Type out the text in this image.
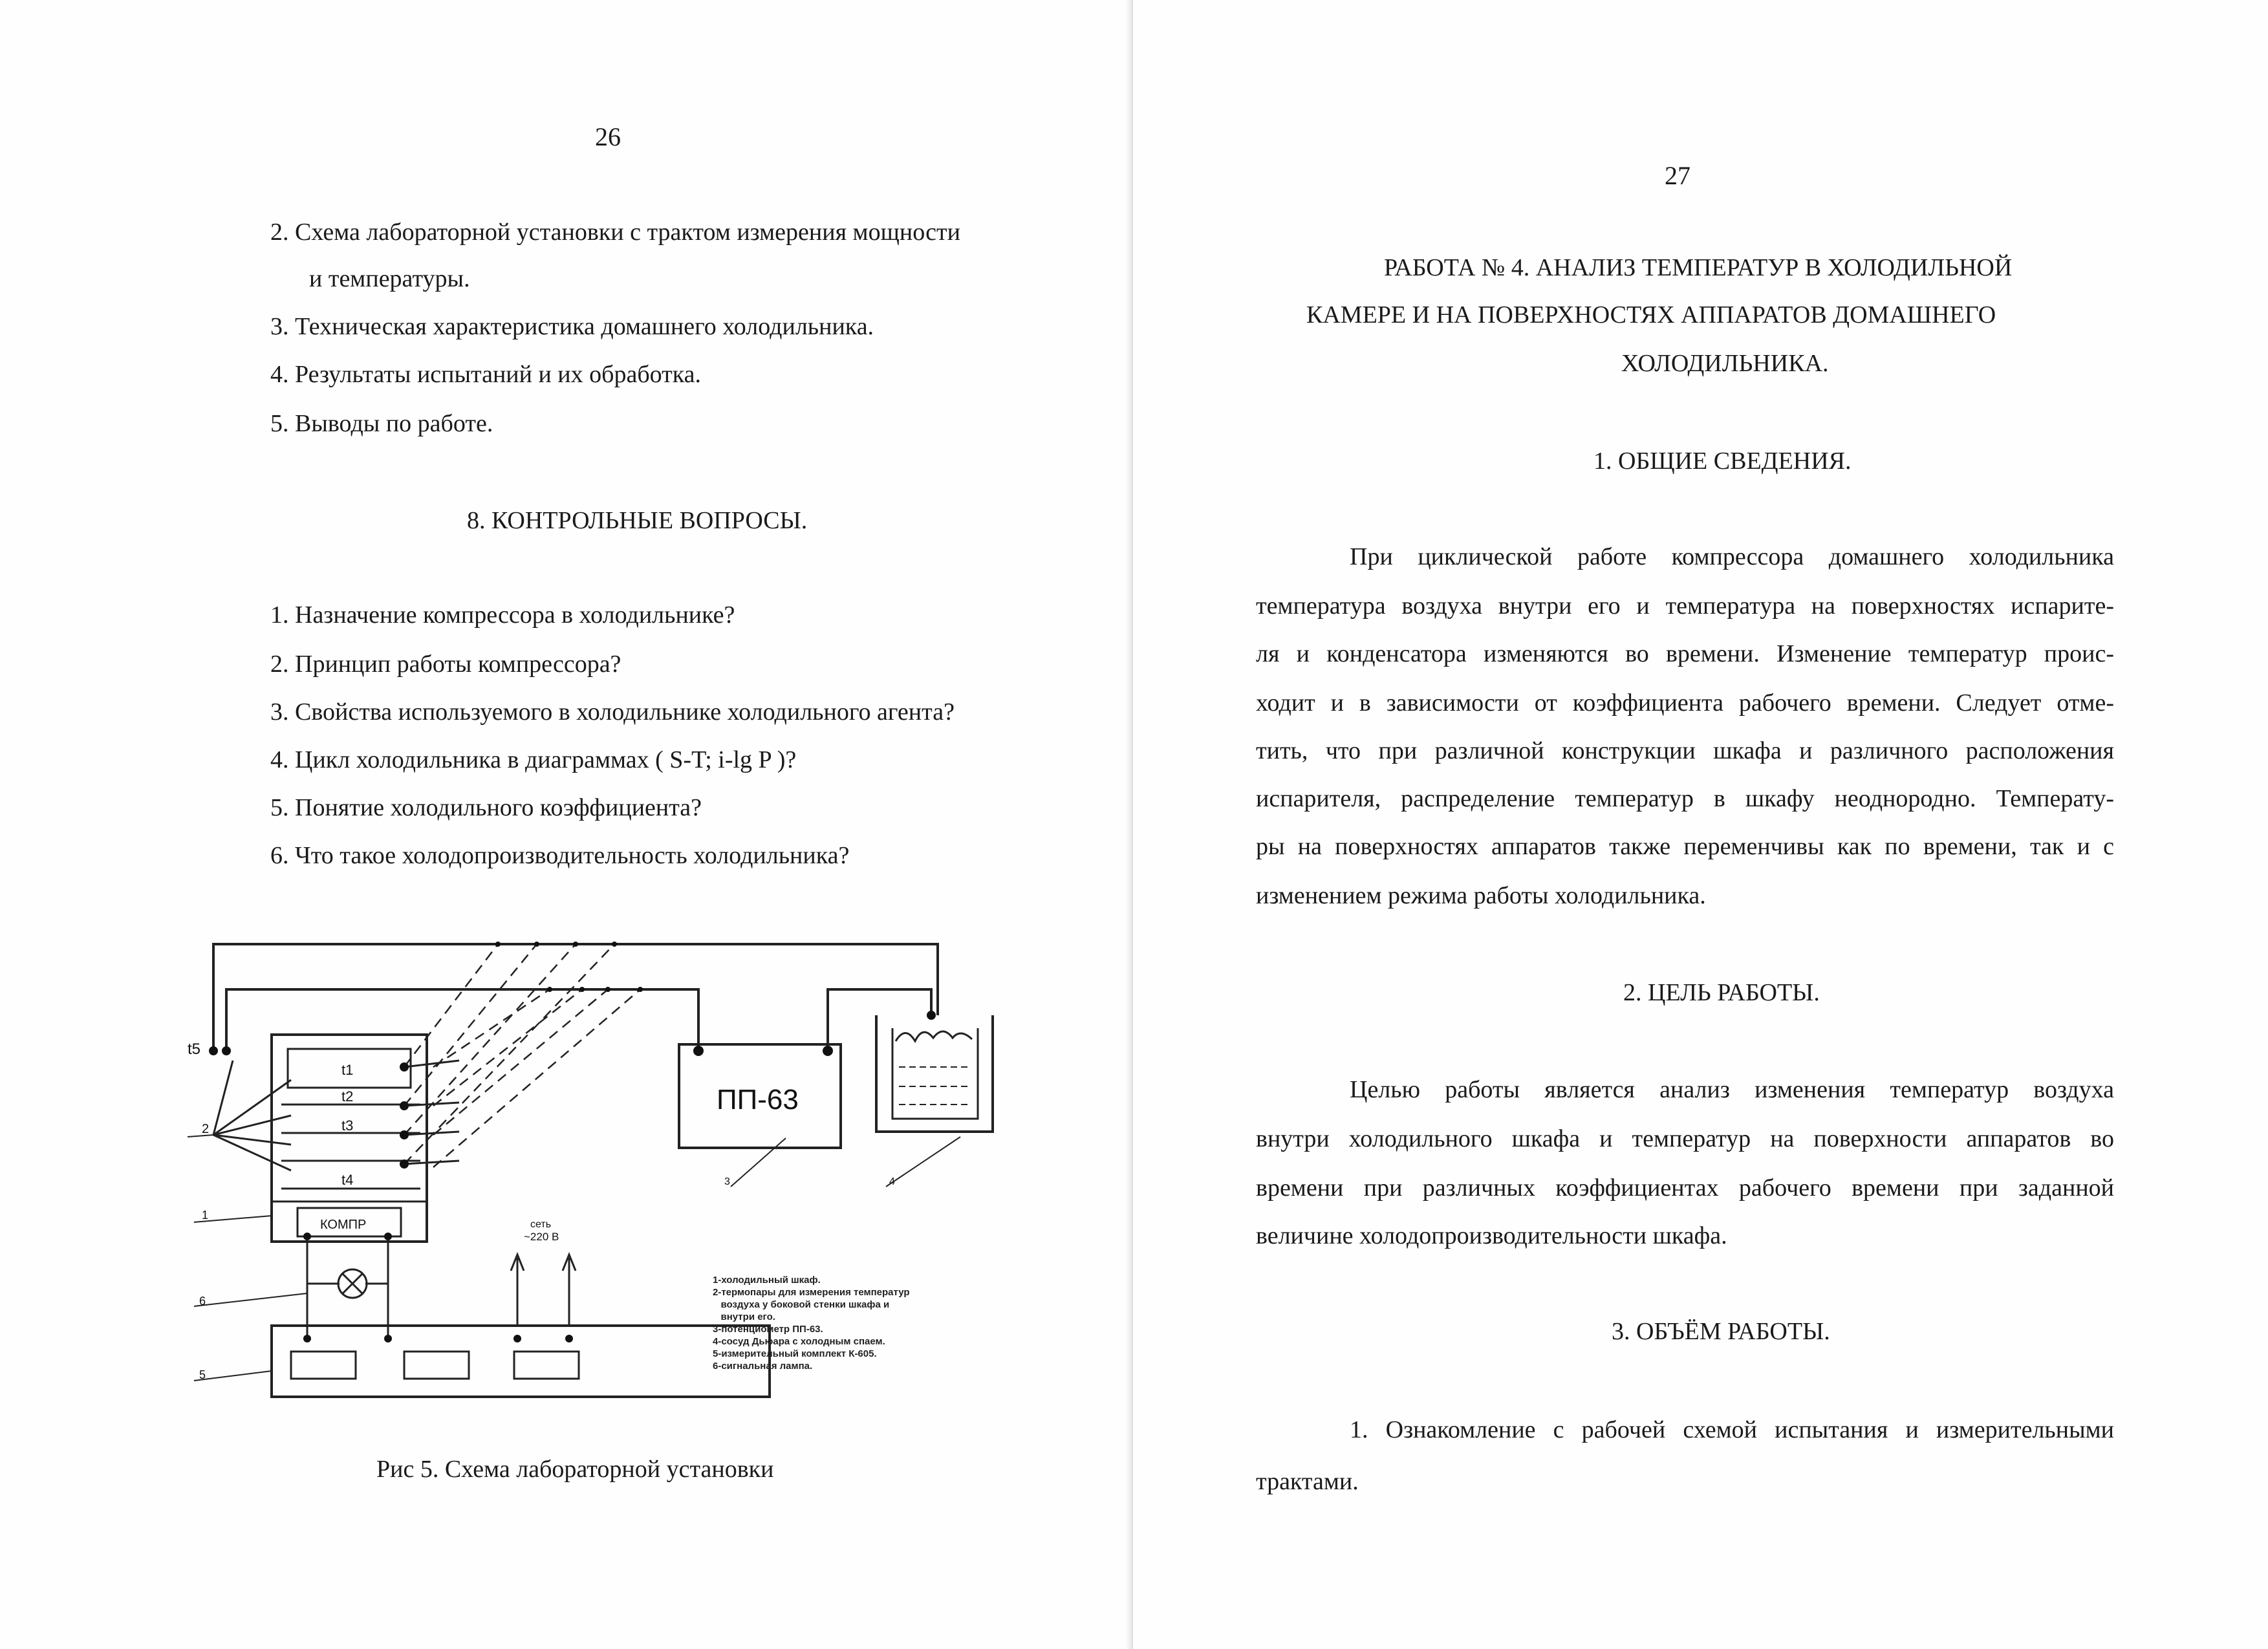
26
2. Схема лабораторной установки с трактом измерения мощности
и температуры.
3. Техническая характеристика домашнего холодильника.
4. Результаты испытаний и их обработка.
5. Выводы по работе.
8. КОНТРОЛЬНЫЕ ВОПРОСЫ.
1. Назначение компрессора в холодильнике?
2. Принцип работы компрессора?
3. Свойства используемого в холодильнике холодильного агента?
4. Цикл холодильника в диаграммах ( S-T; i-lg P )?
5. Понятие холодильного коэффициента?
6. Что такое холодопроизводительность холодильника?
t5
t1
t2
t3
t4
КОМПР
ПП-63
сеть
~220 В
2
1
6
5
3	4
1-холодильный шкаф.
2-термопары для измерения температур
воздуха у боковой стенки шкафа и
внутри его.
3-потенциометр ПП-63.
4-сосуд Дьюара с холодным спаем.
5-измерительный комплект К-605.
6-сигнальная лампа.
Рис 5. Схема лабораторной установки
27
РАБОТА № 4. АНАЛИЗ ТЕМПЕРАТУР В ХОЛОДИЛЬНОЙ
КАМЕРЕ И НА ПОВЕРХНОСТЯХ АППАРАТОВ ДОМАШНЕГО
ХОЛОДИЛЬНИКА.
1. ОБЩИЕ СВЕДЕНИЯ.
При циклической работе компрессора домашнего холодильника
температура воздуха внутри его и температура на поверхностях испарите-
ля и конденсатора изменяются во времени. Изменение температур проис-
ходит и в зависимости от коэффициента рабочего времени. Следует отме-
тить, что при различной конструкции шкафа и различного расположения
испарителя, распределение температур в шкафу неоднородно. Температу-
ры на поверхностях аппаратов также переменчивы как по времени, так и с
изменением режима работы холодильника.
2. ЦЕЛЬ РАБОТЫ.
Целью работы является анализ изменения температур воздуха
внутри холодильного шкафа и температур на поверхности аппаратов во
времени при различных коэффициентах рабочего времени при заданной
величине холодопроизводительности шкафа.
3. ОБЪЁМ РАБОТЫ.
1. Ознакомление с рабочей схемой испытания и измерительными
трактами.
